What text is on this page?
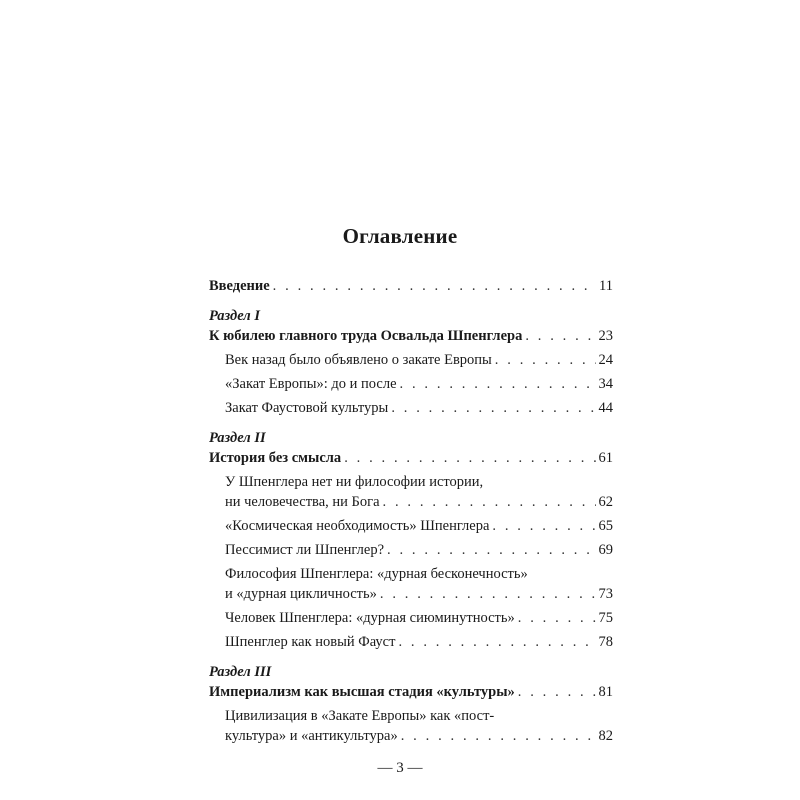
Оглавление
Введение . . .	11
Раздел I
К юбилею главного труда Освальда Шпенглера . . .	23
Век назад было объявлено о закате Европы . . .	24
«Закат Европы»: до и после . . .	34
Закат Фаустовой культуры . . .	44
Раздел II
История без смысла . . .	61
У Шпенглера нет ни философии истории,
ни человечества, ни Бога . . .	62
«Космическая необходимость» Шпенглера . . .	65
Пессимист ли Шпенглер? . . .	69
Философия Шпенглера: «дурная бесконечность»
и «дурная цикличность» . . .	73
Человек Шпенглера: «дурная сиюминутность» . . .	75
Шпенглер как новый Фауст . . .	78
Раздел III
Империализм как высшая стадия «культуры» . . .	81
Цивилизация в «Закате Европы» как «пост-
культура» и «антикультура» . . .	82
— 3 —
